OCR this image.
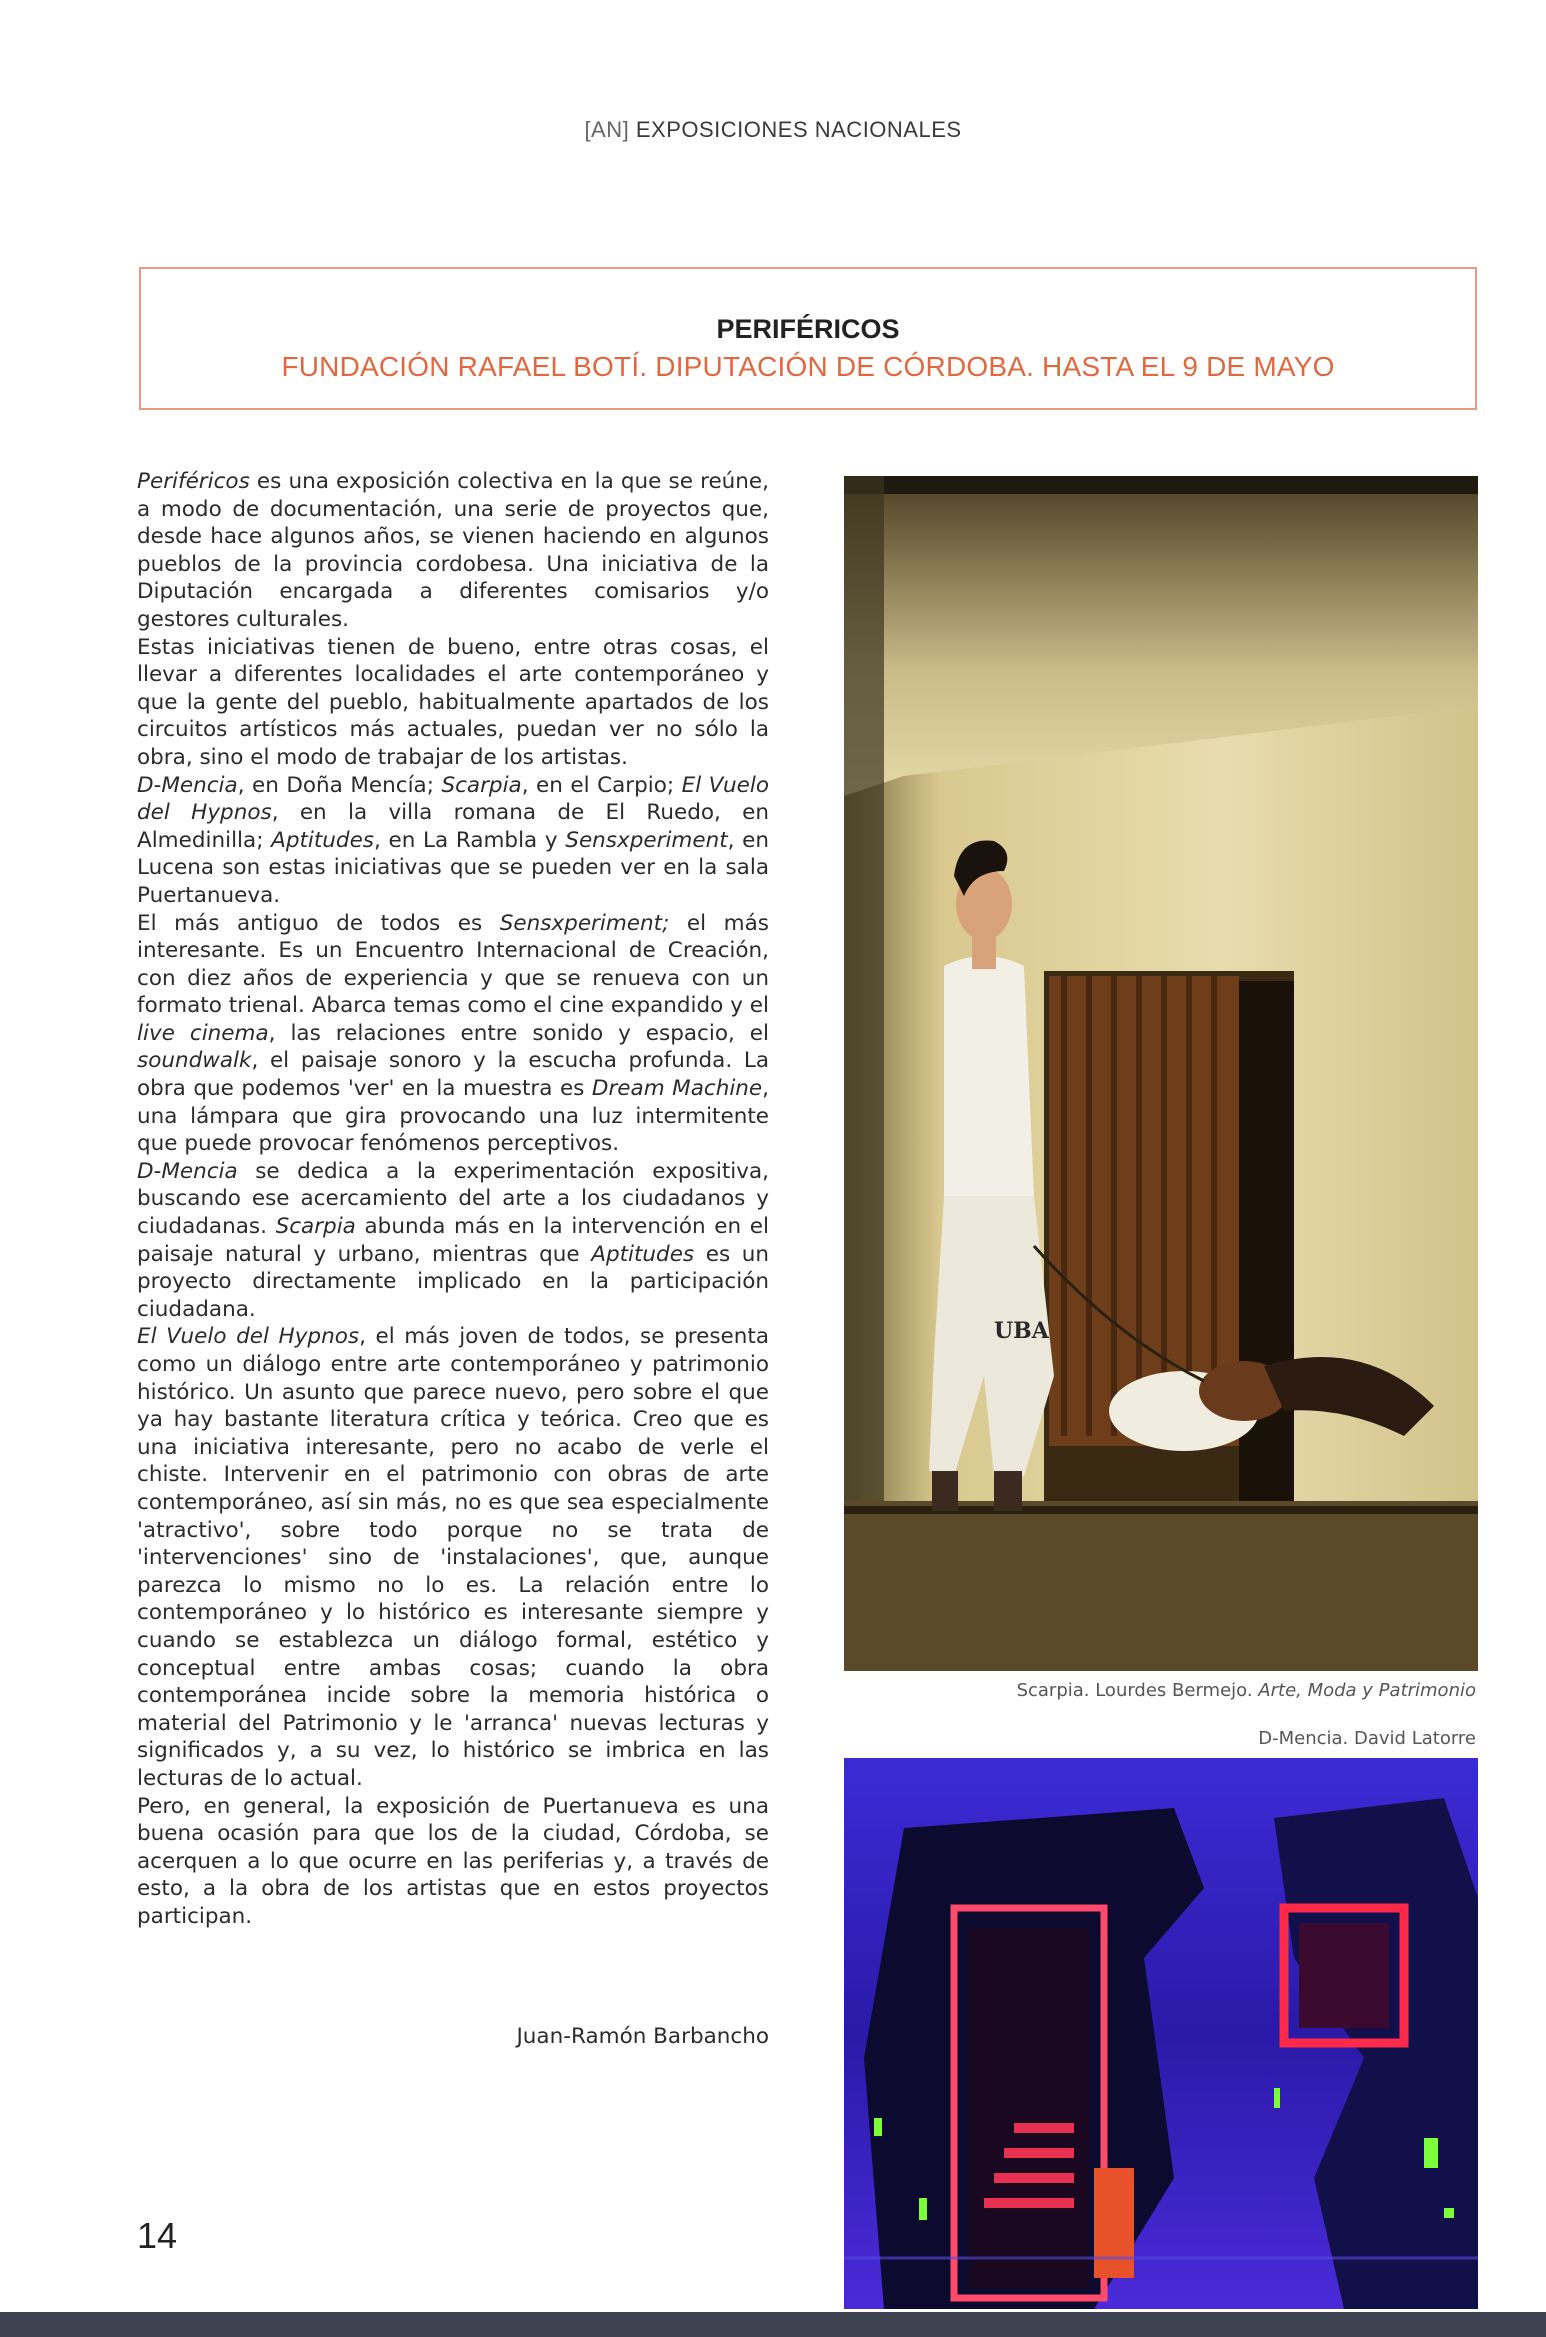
[AN] EXPOSICIONES NACIONALES
PERIFÉRICOS
FUNDACIÓN RAFAEL BOTÍ. DIPUTACIÓN DE CÓRDOBA. HASTA EL 9 DE MAYO

Periféricos es una exposición colectiva en la que se reúne, a modo de documentación, una serie de proyectos que, desde hace algunos años, se vienen haciendo en algunos pueblos de la provincia cordobesa. Una iniciativa de la Diputación encargada a diferentes comisarios y/o gestores culturales.

Estas iniciativas tienen de bueno, entre otras cosas, el llevar a diferentes localidades el arte contemporáneo y que la gente del pueblo, habitualmente apartados de los circuitos artísticos más actuales, puedan ver no sólo la obra, sino el modo de trabajar de los artistas.

D-Mencia, en Doña Mencía; Scarpia, en el Carpio; El Vuelo del Hypnos, en la villa romana de El Ruedo, en Almedinilla; Aptitudes, en La Rambla y Sensxperiment, en Lucena son estas iniciativas que se pueden ver en la sala Puertanueva.

El más antiguo de todos es Sensxperiment; el más interesante. Es un Encuentro Internacional de Creación, con diez años de experiencia y que se renueva con un formato trienal. Abarca temas como el cine expandido y el live cinema, las relaciones entre sonido y espacio, el soundwalk, el paisaje sonoro y la escucha profunda. La obra que podemos 'ver' en la muestra es Dream Machine, una lámpara que gira provocando una luz intermitente que puede provocar fenómenos perceptivos.

D-Mencia se dedica a la experimentación expositiva, buscando ese acercamiento del arte a los ciudadanos y ciudadanas. Scarpia abunda más en la intervención en el paisaje natural y urbano, mientras que Aptitudes es un proyecto directamente implicado en la participación ciudadana.

El Vuelo del Hypnos, el más joven de todos, se presenta como un diálogo entre arte contemporáneo y patrimonio histórico. Un asunto que parece nuevo, pero sobre el que ya hay bastante literatura crítica y teórica. Creo que es una iniciativa interesante, pero no acabo de verle el chiste. Intervenir en el patrimonio con obras de arte contemporáneo, así sin más, no es que sea especialmente 'atractivo', sobre todo porque no se trata de 'intervenciones' sino de 'instalaciones', que, aunque parezca lo mismo no lo es. La relación entre lo contemporáneo y lo histórico es interesante siempre y cuando se establezca un diálogo formal, estético y conceptual entre ambas cosas; cuando la obra contemporánea incide sobre la memoria histórica o material del Patrimonio y le 'arranca' nuevas lecturas y significados y, a su vez, lo histórico se imbrica en las lecturas de lo actual.

Pero, en general, la exposición de Puertanueva es una buena ocasión para que los de la ciudad, Córdoba, se acerquen a lo que ocurre en las periferias y, a través de esto, a la obra de los artistas que en estos proyectos participan.

Juan-Ramón Barbancho
UBA
Scarpia. Lourdes Bermejo. Arte, Moda y Patrimonio
D-Mencia. David Latorre
14
